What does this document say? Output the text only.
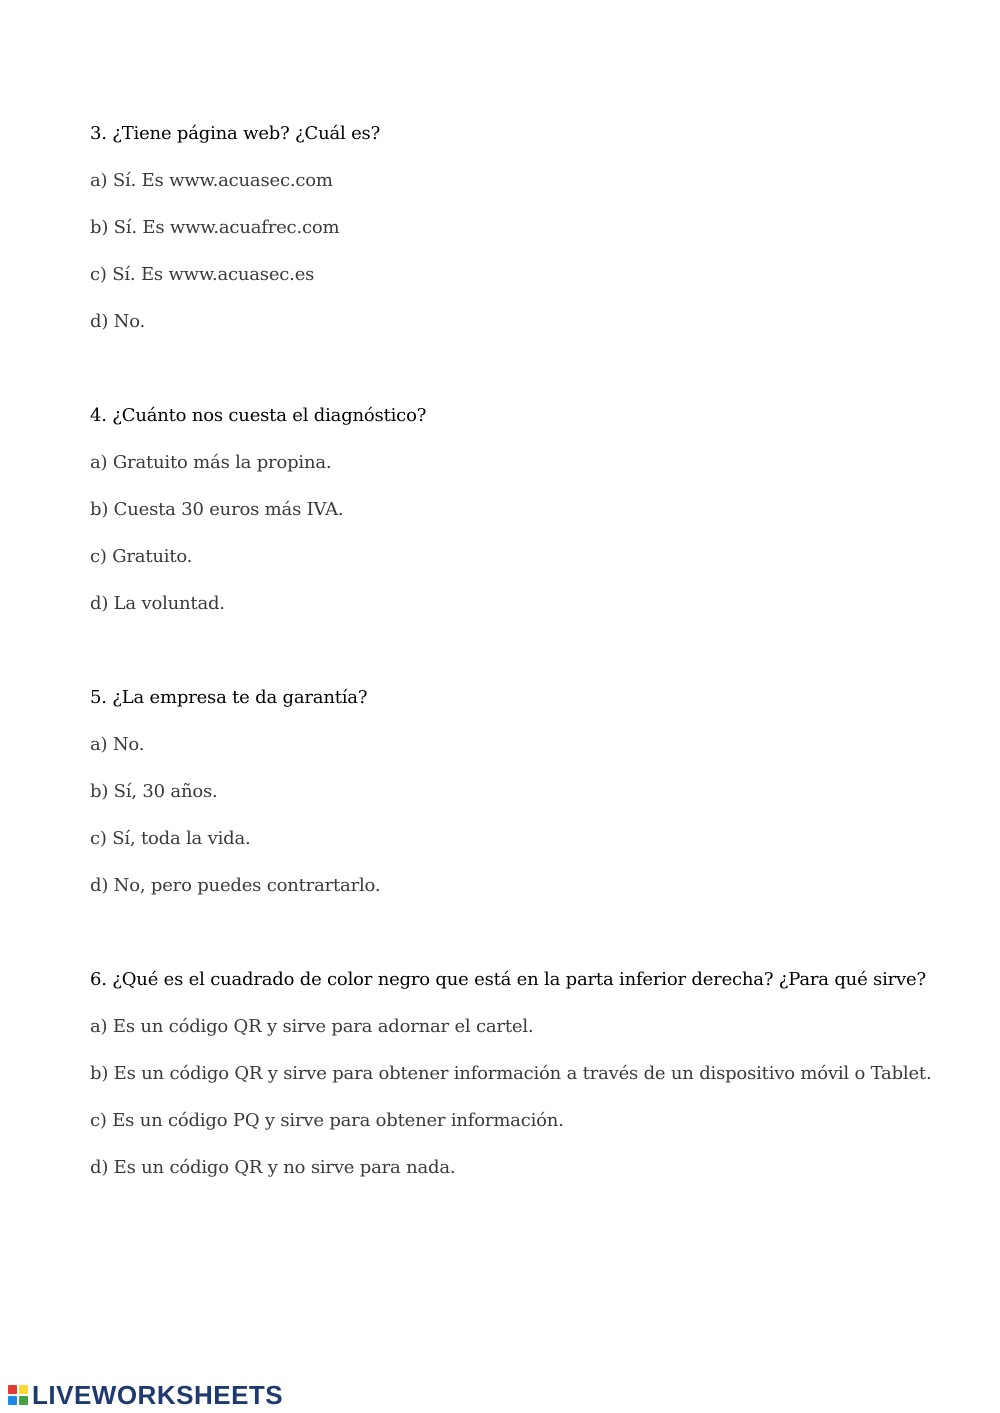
3. ¿Tiene página web? ¿Cuál es?
a) Sí. Es www.acuasec.com
b) Sí. Es www.acuafrec.com
c) Sí. Es www.acuasec.es
d) No.
4. ¿Cuánto nos cuesta el diagnóstico?
a) Gratuito más la propina.
b) Cuesta 30 euros más IVA.
c) Gratuito.
d) La voluntad.
5. ¿La empresa te da garantía?
a) No.
b) Sí, 30 años.
c) Sí, toda la vida.
d) No, pero puedes contrartarlo.
6. ¿Qué es el cuadrado de color negro que está en la parta inferior derecha? ¿Para qué sirve?
a) Es un código QR y sirve para adornar el cartel.
b) Es un código QR y sirve para obtener información a través de un dispositivo móvil o Tablet.
c) Es un código PQ y sirve para obtener información.
d) Es un código QR y no sirve para nada.
LIVEWORKSHEETS
